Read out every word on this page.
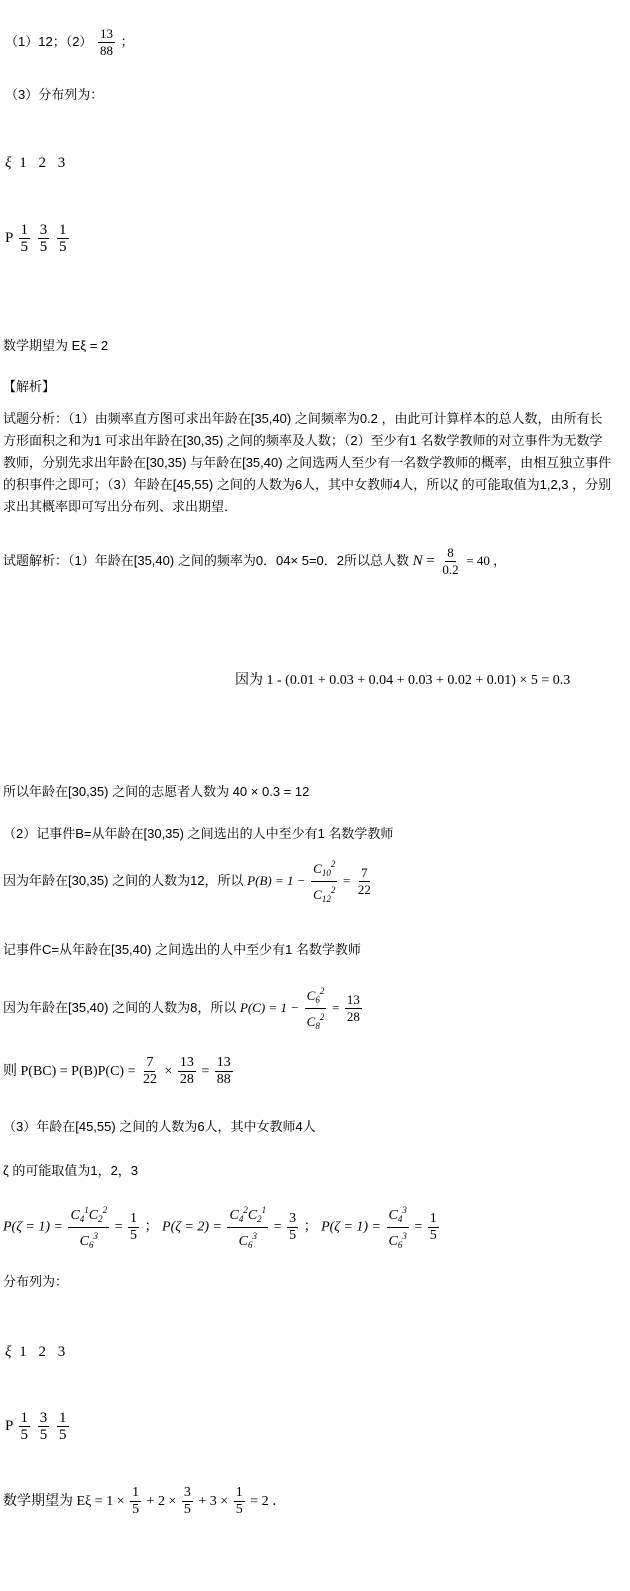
（1）12；$(2) \frac{13}{88}$ ；
（3）分布列为：
ξ 1 2 3
P $\frac{1}{5}$
$\frac{3}{5}$
$\frac{1}{5}$
数学期望为 Eξ = 2
【解析】
试题分析：（1）由频率直方图可求出年龄在[35,40) 之间频率为0.2 ，由此可计算样本的总人数，由所有长方形面积之和为1 可求出年龄在[30,35) 之间的频率及人数；（2）至少有1 名数学教师的对立事件为无数学教师，分别先求出年龄在[30,35) 与年龄在[35,40) 之间选两人至少有一名数学教师的概率，由相互独立事件的积事件之即可；（3）年龄在[45,55) 之间的人数为6人，其中女教师4人，所以ζ 的可能取值为1,2,3 ，分别求出其概率即可写出分布列、求出期望．
试题解析：（1）年龄在[35,40) 之间的频率为0．04× 5=0．2所以总人数 $N = \frac{8}{0.2} = 40$ ，
因为 1 - (0.01 + 0.03 + 0.04 + 0.03 + 0.02 + 0.01) × 5 = 0.3
所以年龄在[30,35) 之间的志愿者人数为 40 × 0.3 = 12
（2）记事件B=从年龄在[30,35) 之间选出的人中至少有1 名数学教师
因为年龄在[30,35) 之间的人数为12，所以 $P(B) = 1 - \frac{C_{10}^2}{C_{12}^2} = \frac{7}{22}$
记事件C=从年龄在[35,40) 之间选出的人中至少有1 名数学教师
因为年龄在[35,40) 之间的人数为8，所以 $P(C) = 1 - \frac{C_6^2}{C_8^2} = \frac{13}{28}$
则 $P(BC) = P(B)P(C) = \frac{7}{22} \times \frac{13}{28} = \frac{13}{88}$
（3）年龄在[45,55) 之间的人数为6人，其中女教师4人
ζ 的可能取值为1，2，3
$P(\zeta = 1) = \frac{C_4^1C_2^2}{C_6^3} = \frac{1}{5}$ ； $P(\zeta = 2) = \frac{C_4^2C_2^1}{C_6^3} = \frac{3}{5}$ ； $P(\zeta = 1) = \frac{C_4^3}{C_6^3} = \frac{1}{5}$
分布列为：
ξ 1 2 3
P $\frac{1}{5}$
$\frac{3}{5}$
$\frac{1}{5}$
数学期望为 $E\xi = 1 \times \frac{1}{5} + 2 \times \frac{3}{5} + 3 \times \frac{1}{5} = 2$ ．
